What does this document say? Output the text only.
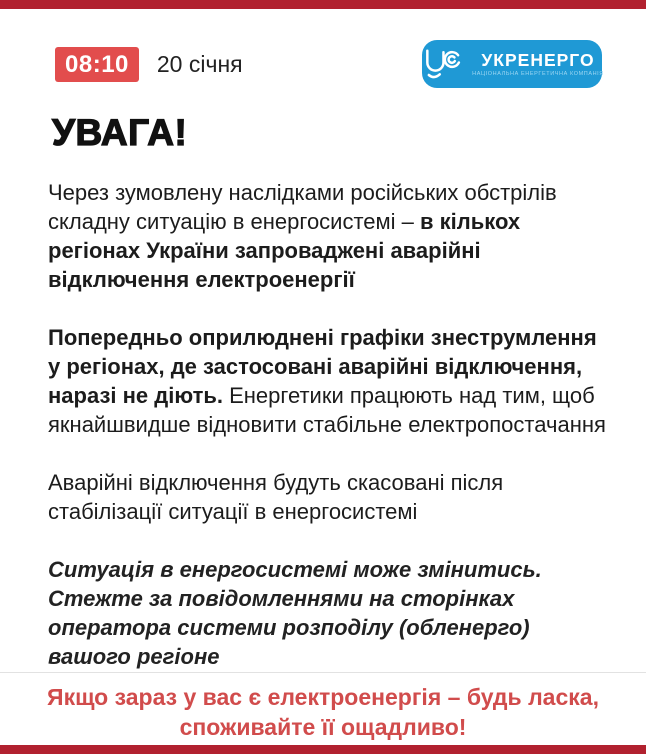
08:10	20 січня	УКРЕНЕРГО
НАЦІОНАЛЬНА ЕНЕРГЕТИЧНА КОМПАНІЯ
УВАГА!

Через зумовлену наслідками російських обстрілів складну ситуацію в енергосистемі – в кількох регіонах України запроваджені аварійні відключення електроенергії

Попередньо оприлюднені графіки знеструмлення у регіонах, де застосовані аварійні відключення, наразі не діють. Енергетики працюють над тим, щоб якнайшвидше відновити стабільне електропостачання

Аварійні відключення будуть скасовані після стабілізації ситуації в енергосистемі

Ситуація в енергосистемі може змінитись. Стежте за повідомленнями на сторінках оператора системи розподілу (обленерго) вашого регіоне

Якщо зараз у вас є електроенергія – будь ласка, споживайте її ощадливо!
